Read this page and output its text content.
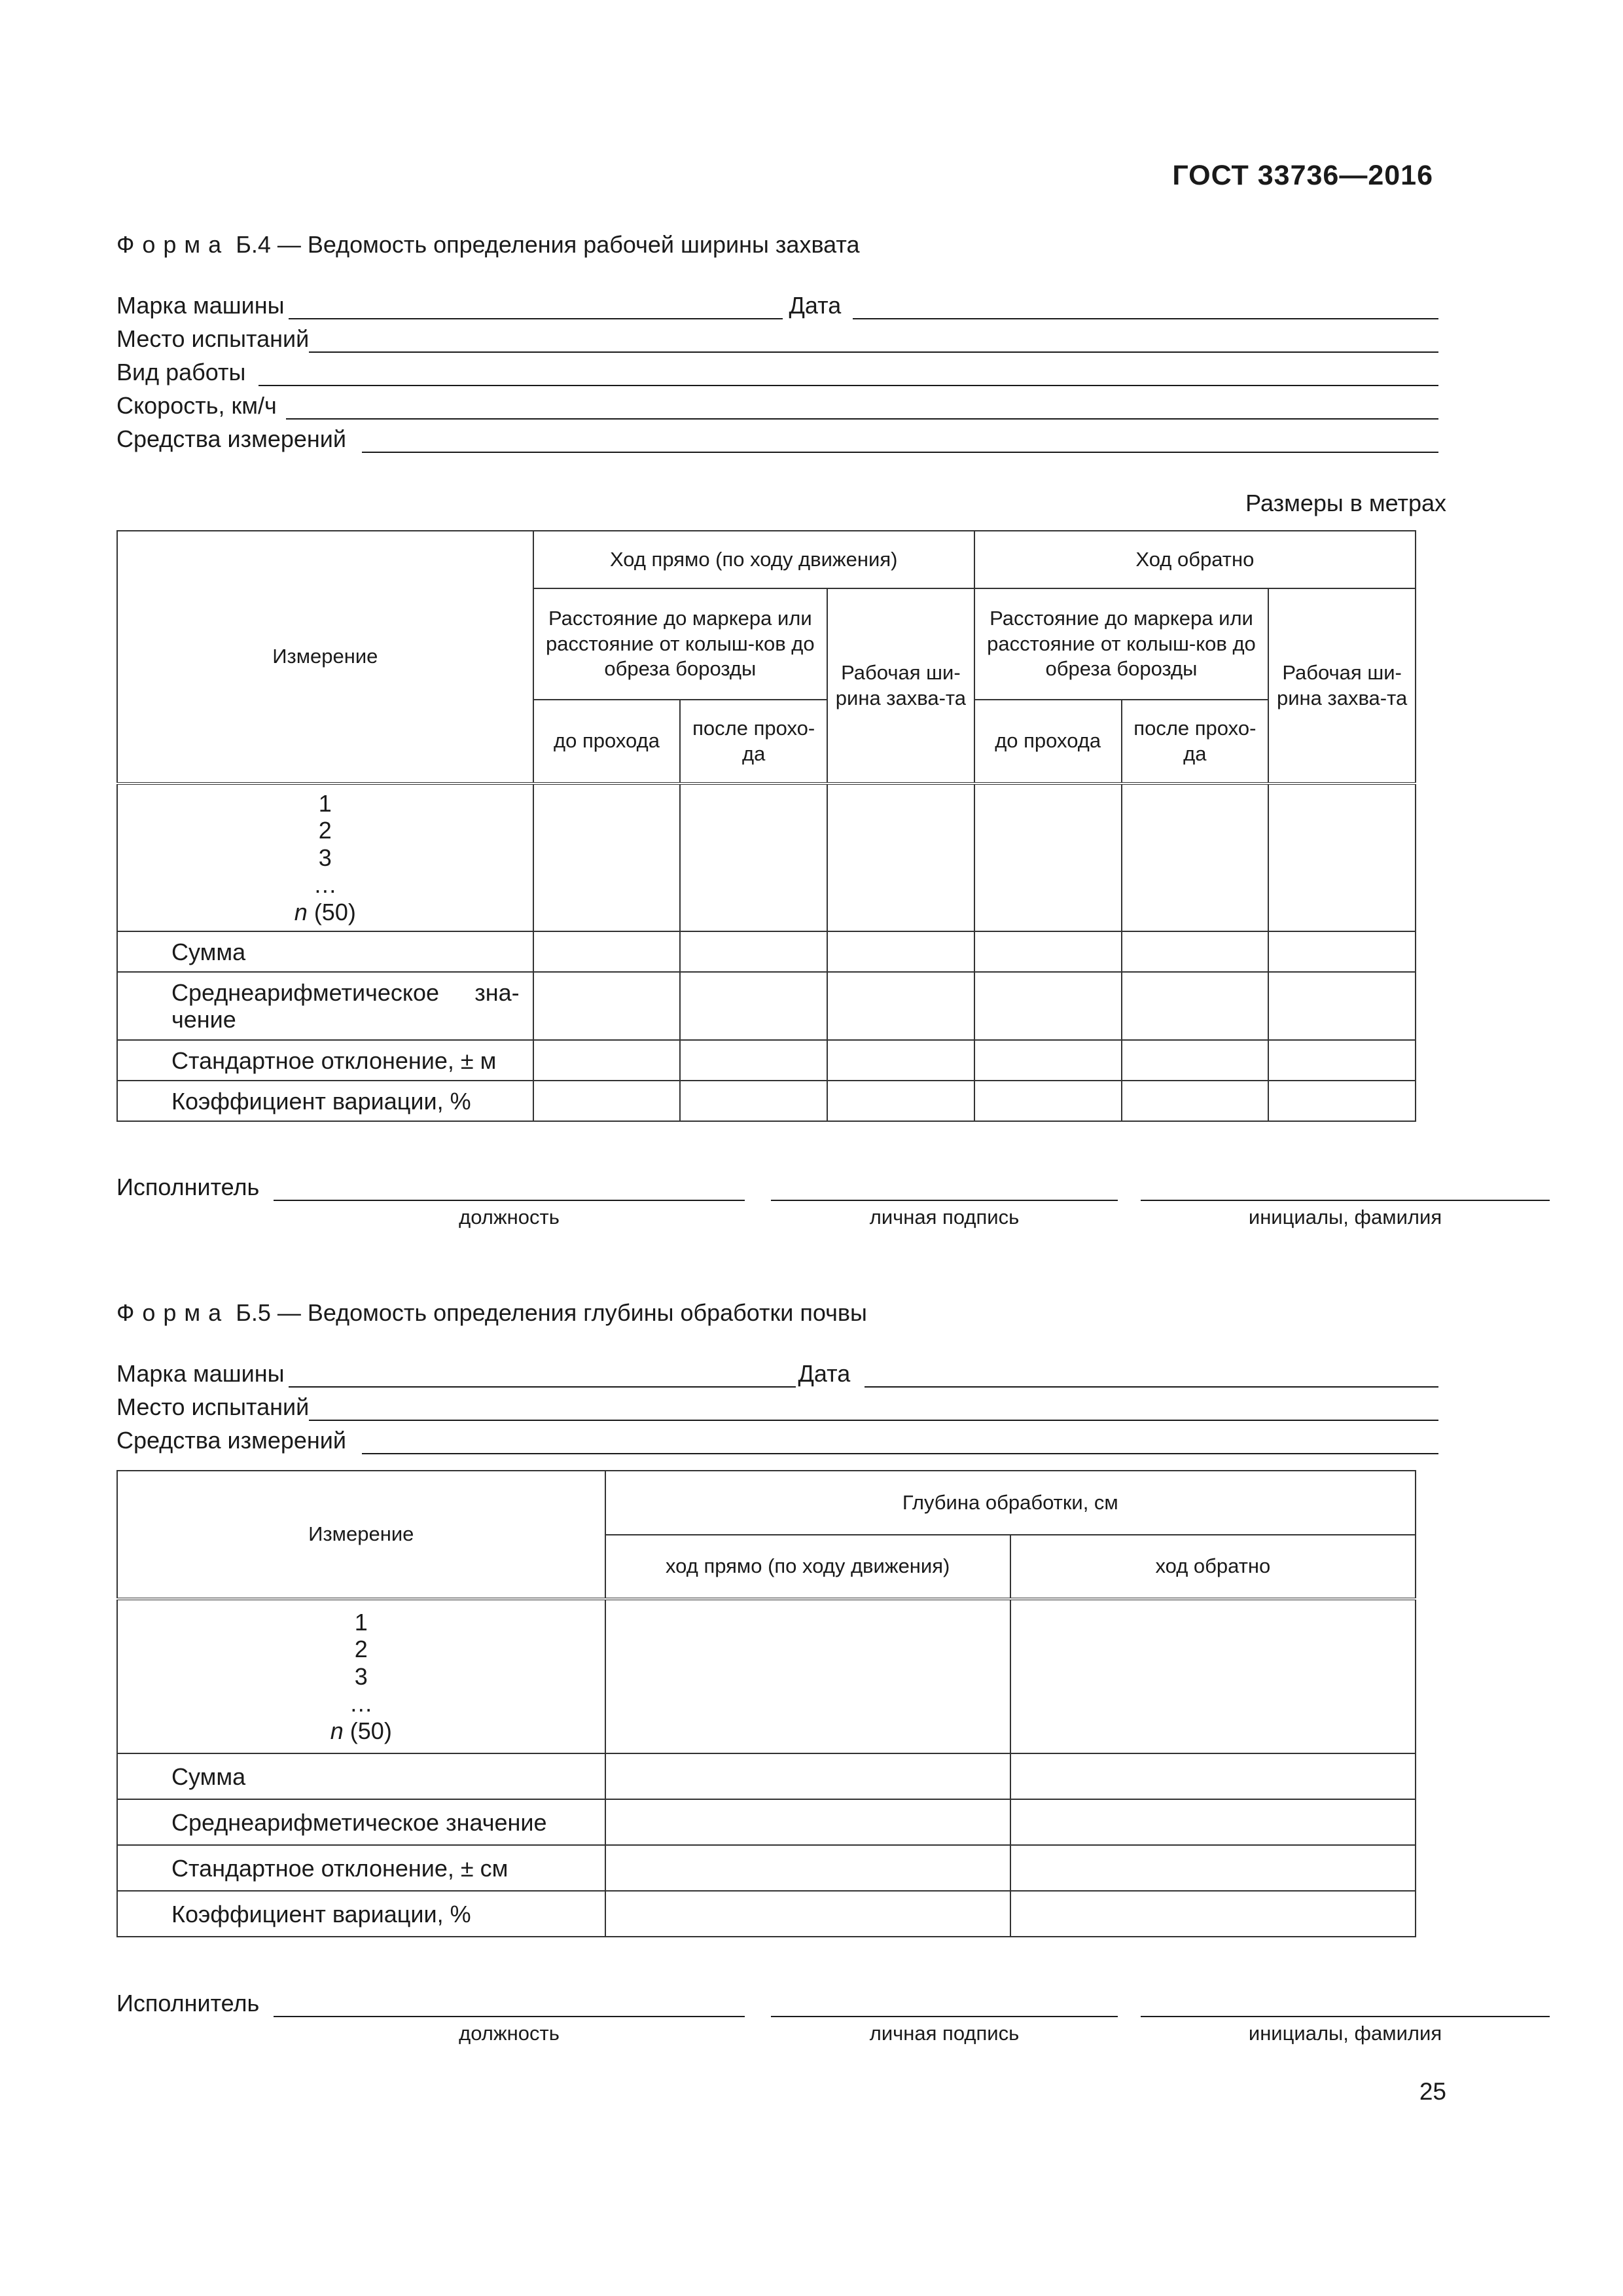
ГОСТ 33736—2016
Форма Б.4 — Ведомость определения рабочей ширины захвата
Марка машины	Дата
Место испытаний
Вид работы
Скорость, км/ч
Средства измерений
Размеры в метрах
Измерение	Ход прямо (по ходу движения)			Ход обратно		
	Расстояние до маркера или расстояние от колыш-ков до обреза борозды		Рабочая ши-рина захва-та	Расстояние до маркера или расстояние от колыш-ков до обреза борозды		Рабочая ши-рина захва-та
	до прохода	после прохо-да		до прохода	после прохо-да	

1
2
3
…
n (50)						

Сумма						
Среднеарифметическое зна-чение						
Стандартное отклонение, ± м						
Коэффициент вариации, %						
Исполнитель
должность	личная подпись	инициалы, фамилия
Форма Б.5 — Ведомость определения глубины обработки почвы
Марка машины	Дата
Место испытаний
Средства измерений
Измерение	Глубина обработки, см	
	ход прямо (по ходу движения)	ход обратно

1
2
3
…
n (50)		

Сумма		
Среднеарифметическое значение		
Стандартное отклонение, ± см		
Коэффициент вариации, %		
Исполнитель
должность	личная подпись	инициалы, фамилия
25
